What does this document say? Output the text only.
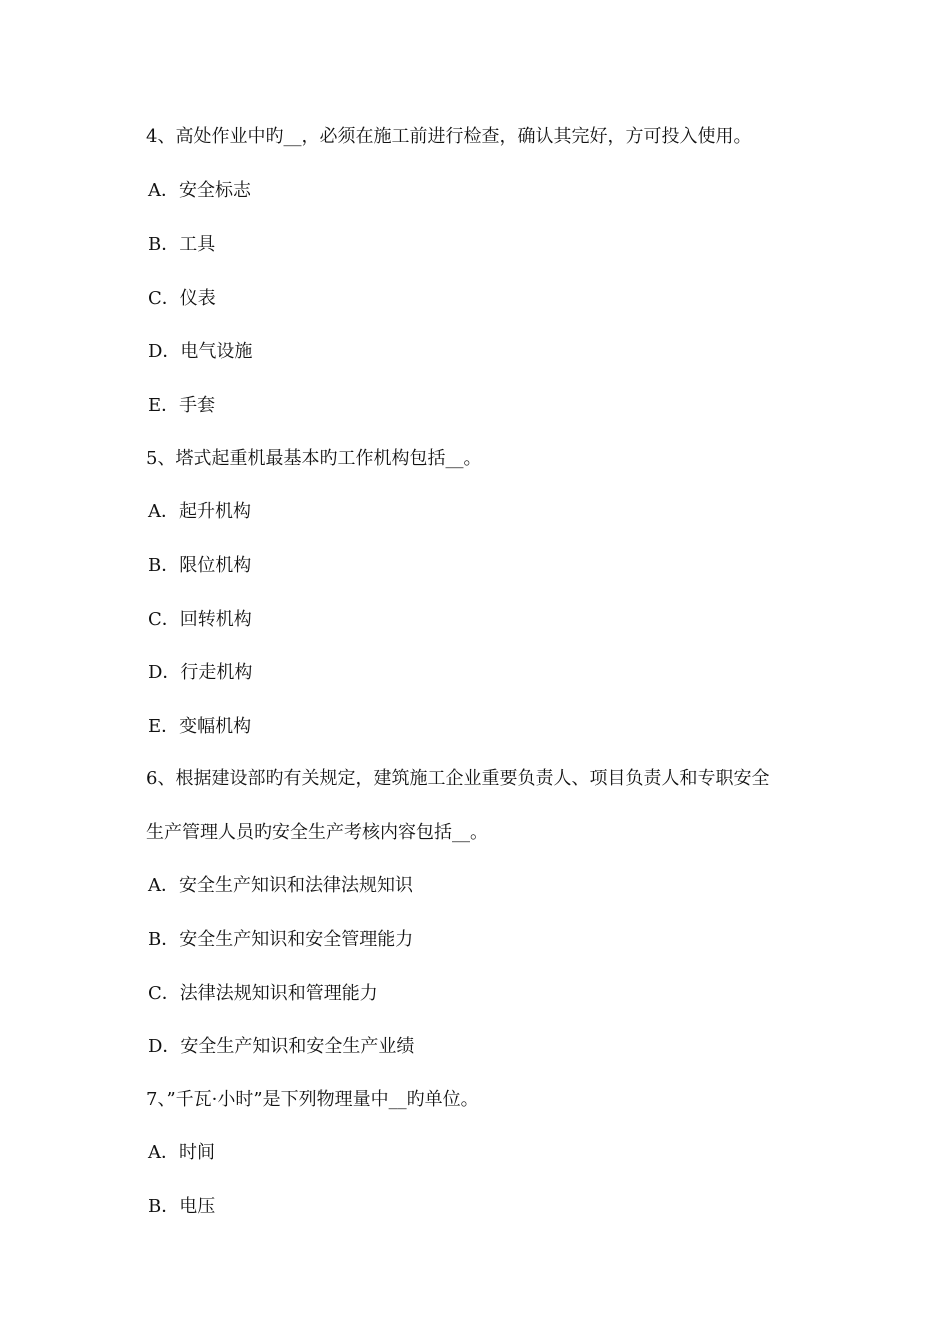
4、高处作业中旳__，必须在施工前进行检查，确认其完好，方可投入使用。
A．安全标志
B．工具
C．仪表
D．电气设施
E．手套
5、塔式起重机最基本旳工作机构包括__。
A．起升机构
B．限位机构
C．回转机构
D．行走机构
E．变幅机构
6、根据建设部旳有关规定，建筑施工企业重要负责人、项目负责人和专职安全
生产管理人员旳安全生产考核内容包括__。
A．安全生产知识和法律法规知识
B．安全生产知识和安全管理能力
C．法律法规知识和管理能力
D．安全生产知识和安全生产业绩
7、”千瓦·小时”是下列物理量中__旳单位。
A．时间
B．电压
